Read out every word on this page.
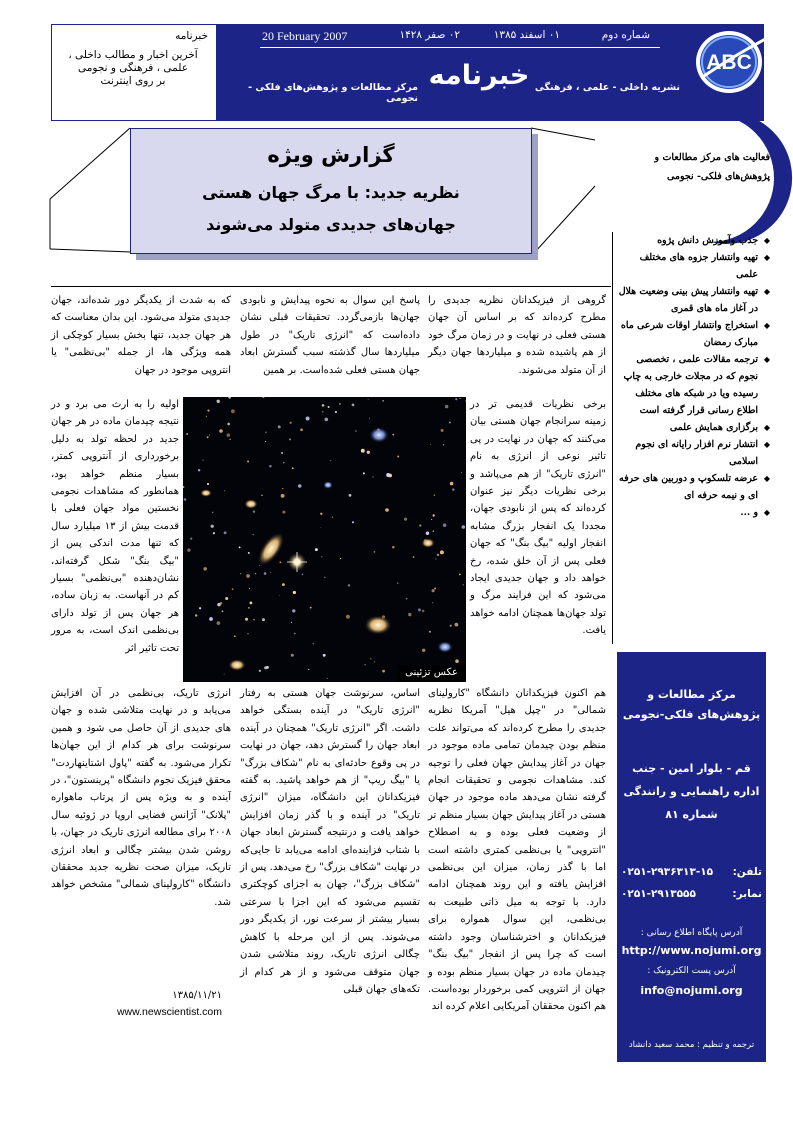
خبرنامه
آخرین اخبار و مطالب داخلی ،
علمی ، فرهنگی و نجومی
بر روی اینترنت
20 February 2007	۰۲ صفر ۱۴۲۸	۰۱ اسفند ۱۳۸۵	شماره دوم
خبرنامه
مرکز مطالعات و پژوهش‌های فلکی - نجومی
نشریه داخلی - علمی ، فرهنگی
ABC
گزارش ویژه
نظریه جدید: با مرگ جهان هستی
جهان‌های جدیدی متولد می‌شوند
فعالیت های مرکز مطالعات و
پژوهش‌های فلکی- نجومی

◆ جذب وآموزش دانش پژوه

◆ تهیه وانتشار جزوه های مختلف علمی

◆ تهیه وانتشار پیش بینی وضعیت هلال در آغاز ماه های قمری

◆ استخراج وانتشار اوقات شرعی ماه مبارک رمضان

◆ ترجمه مقالات علمی ، تخصصی نجوم که در مجلات خارجی به چاپ رسیده ویا در شبکه های مختلف اطلاع رسانی قرار گرفته است

◆ برگزاری همایش علمی

◆ انتشار نرم افزار رایانه ای نجوم اسلامی

◆ عرضه تلسکوپ و دوربین های حرفه ای و نیمه حرفه ای

◆ و ...

مرکز مطالعات و
پژوهش‌های فلکی-نجومی
قم - بلوار امین - جنب
اداره راهنمایی و رانندگی
شماره ۸۱
۰۲۵۱-۲۹۳۶۳۱۳-۱۵ تلفن:
۰۲۵۱-۲۹۱۳۵۵۵	نمابر:
آدرس پایگاه اطلاع رسانی :
http://www.nojumi.org
آدرس پست الکترونیک :
info@nojumi.org
ترجمه و تنظیم : محمد سعید دانشاد
گروهی از فیزیکدانان نظریه جدیدی را مطرح کرده‌اند که بر اساس آن جهان هستی فعلی در نهایت و در زمان مرگ خود از هم پاشیده شده و میلیاردها جهان دیگر از آن متولد می‌شوند.
برخی نظریات قدیمی تر در زمینه سرانجام جهان هستی بیان می‌کنند که جهان در نهایت در پی تاثیر نوعی از انرژی به نام "انرژی تاریک" از هم می‌پاشد و برخی نظریات دیگر نیز عنوان کرده‌اند که پس از نابودی جهان، مجددا یک انفجار بزرگ مشابه انفجار اولیه "بیگ بنگ" که جهان فعلی پس از آن خلق شده، رخ خواهد داد و جهان جدیدی ایجاد می‌شود که این فرایند مرگ و تولد جهان‌ها همچنان ادامه خواهد یافت.
هم اکنون فیزیکدانان دانشگاه "کارولینای شمالی" در "چپل هیل" آمریکا نظریه جدیدی را مطرح کرده‌اند که می‌تواند علت منظم بودن چیدمان تمامی ماده موجود در جهان در آغاز پیدایش جهان فعلی را توجیه کند. مشاهدات نجومی و تحقیقات انجام گرفته نشان می‌دهد ماده موجود در جهان هستی در آغاز پیدایش جهان بسیار منظم تر از وضعیت فعلی بوده و به اصطلاح "انتروپی" یا بی‌نظمی کمتری داشته است اما با گذر زمان، میزان این بی‌نظمی افزایش یافته و این روند همچنان ادامه دارد. با توجه به میل ذاتی طبیعت به بی‌نظمی، این سوال همواره برای فیزیکدانان و اخترشناسان وجود داشته است که چرا پس از انفجار "بیگ بنگ" چیدمان ماده در جهان بسیار منظم بوده و جهان از انتروپی کمی برخوردار بوده‌است. هم اکنون محققان آمریکایی اعلام کرده اند
پاسخ این سوال به نحوه پیدایش و نابودی جهان‌ها بازمی‌گردد. تحقیقات قبلی نشان داده‌است که "انرژی تاریک" در طول میلیاردها سال گذشته سبب گسترش ابعاد جهان هستی فعلی شده‌است. بر همین
اساس، سرنوشت جهان هستی به رفتار "انرژی تاریک" در آینده بستگی خواهد داشت. اگر "انرژی تاریک" همچنان در آینده ابعاد جهان را گسترش دهد، جهان در نهایت در پی وقوع حادثه‌ای به نام "شکاف بزرگ" یا "بیگ ریپ" از هم خواهد پاشید. به گفته فیزیکدانان این دانشگاه، میزان "انرژی تاریک" در آینده و با گذر زمان افزایش خواهد یافت و درنتیجه گسترش ابعاد جهان با شتاب فزاینده‌ای ادامه می‌یابد تا جایی‌که در نهایت "شکاف بزرگ" رخ می‌دهد. پس از "شکاف بزرگ"، جهان به اجزای کوچکتری تقسیم می‌شود که این اجزا با سرعتی بسیار بیشتر از سرعت نور، از یکدیگر دور می‌شوند. پس از این مرحله با کاهش چگالی انرژی تاریک، روند متلاشی شدن جهان متوقف می‌شود و از هر کدام از تکه‌های جهان قبلی
که به شدت از یکدیگر دور شده‌اند، جهان جدیدی متولد می‌شود. این بدان معناست که هر جهان جدید، تنها بخش بسیار کوچکی از همه ویژگی ها، از جمله "بی‌نظمی" یا انتروپی موجود در جهان
اولیه را به ارث می برد و در نتیجه چیدمان ماده در هر جهان جدید در لحظه تولد به دلیل برخورداری از آنتروپی کمتر، بسیار منظم خواهد بود، همانطور که مشاهدات نجومی نخستین مواد جهان فعلی با قدمت بیش از ۱۳ میلیارد سال که تنها مدت اندکی پس از "بیگ بنگ" شکل گرفته‌اند، نشان‌دهنده "بی‌نظمی" بسیار کم در آنهاست. به زبان ساده، هر جهان پس از تولد دارای بی‌نظمی اندک است، به مرور تحت تاثیر اثر
انرژی تاریک، بی‌نظمی در آن افزایش می‌یابد و در نهایت متلاشی شده و جهان های جدیدی از آن حاصل می شود و همین سرنوشت برای هر کدام از این جهان‌ها تکرار می‌شود. به گفته "پاول اشتاینهاردت" محقق فیزیک نجوم دانشگاه "پرینستون"، در آینده و به ویژه پس از پرتاب ماهواره "پلانک" آژانس فضایی اروپا در ژوئیه سال ۲۰۰۸ برای مطالعه انرژی تاریک در جهان، با روشن شدن بیشتر چگالی و ابعاد انرژی تاریک، میزان صحت نظریه جدید محققان دانشگاه "کارولینای شمالی" مشخص خواهد شد.
۱۳۸۵/۱۱/۲۱
www.newscientist.com
عکس تزئینی
